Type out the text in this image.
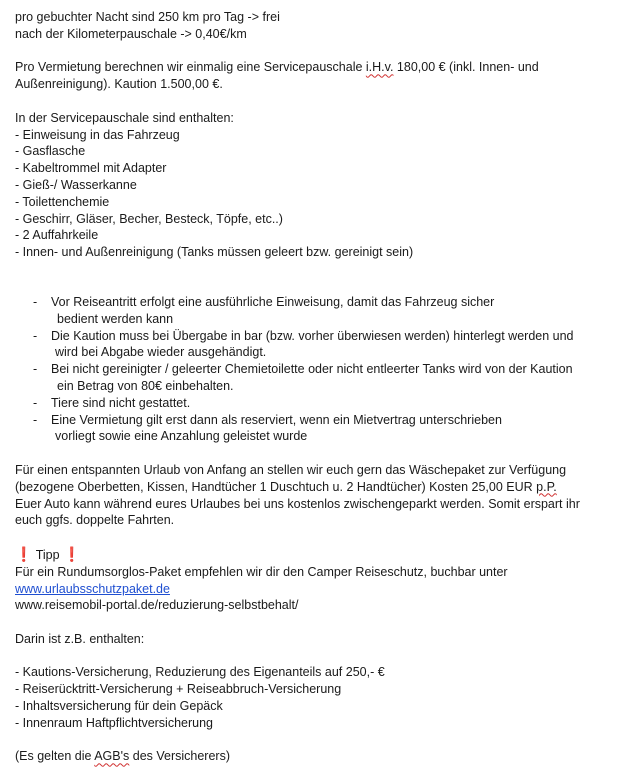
pro gebuchter Nacht sind 250 km pro Tag -> frei
nach der Kilometerpauschale -> 0,40€/km
Pro Vermietung berechnen wir einmalig eine Servicepauschale i.H.v. 180,00 € (inkl. Innen- und
Außenreinigung). Kaution 1.500,00 €.
In der Servicepauschale sind enthalten:
- Einweisung in das Fahrzeug
- Gasflasche
- Kabeltrommel mit Adapter
- Gieß-/ Wasserkanne
- Toilettenchemie
- Geschirr, Gläser, Becher, Besteck, Töpfe, etc..)
- 2 Auffahrkeile
- Innen- und Außenreinigung (Tanks müssen geleert bzw. gereinigt sein)
- Vor Reiseantritt erfolgt eine ausführliche Einweisung, damit das Fahrzeug sicher
bedient werden kann
- Die Kaution muss bei Übergabe in bar (bzw. vorher überwiesen werden) hinterlegt werden und
wird bei Abgabe wieder ausgehändigt.
- Bei nicht gereinigter / geleerter Chemietoilette oder nicht entleerter Tanks wird von der Kaution
ein Betrag von 80€ einbehalten.
- Tiere sind nicht gestattet.
- Eine Vermietung gilt erst dann als reserviert, wenn ein Mietvertrag unterschrieben
vorliegt sowie eine Anzahlung geleistet wurde
Für einen entspannten Urlaub von Anfang an stellen wir euch gern das Wäschepaket zur Verfügung
(bezogene Oberbetten, Kissen, Handtücher 1 Duschtuch u. 2 Handtücher) Kosten 25,00 EUR p.P.
Euer Auto kann während eures Urlaubes bei uns kostenlos zwischengeparkt werden. Somit erspart ihr
euch ggfs. doppelte Fahrten.
❗ Tipp ❗
Für ein Rundumsorglos-Paket empfehlen wir dir den Camper Reiseschutz, buchbar unter
www.urlaubsschutzpaket.de
www.reisemobil-portal.de/reduzierung-selbstbehalt/
Darin ist z.B. enthalten:
- Kautions-Versicherung, Reduzierung des Eigenanteils auf 250,- €
- Reiserücktritt-Versicherung + Reiseabbruch-Versicherung
- Inhaltsversicherung für dein Gepäck
- Innenraum Haftpflichtversicherung
(Es gelten die AGB's des Versicherers)
